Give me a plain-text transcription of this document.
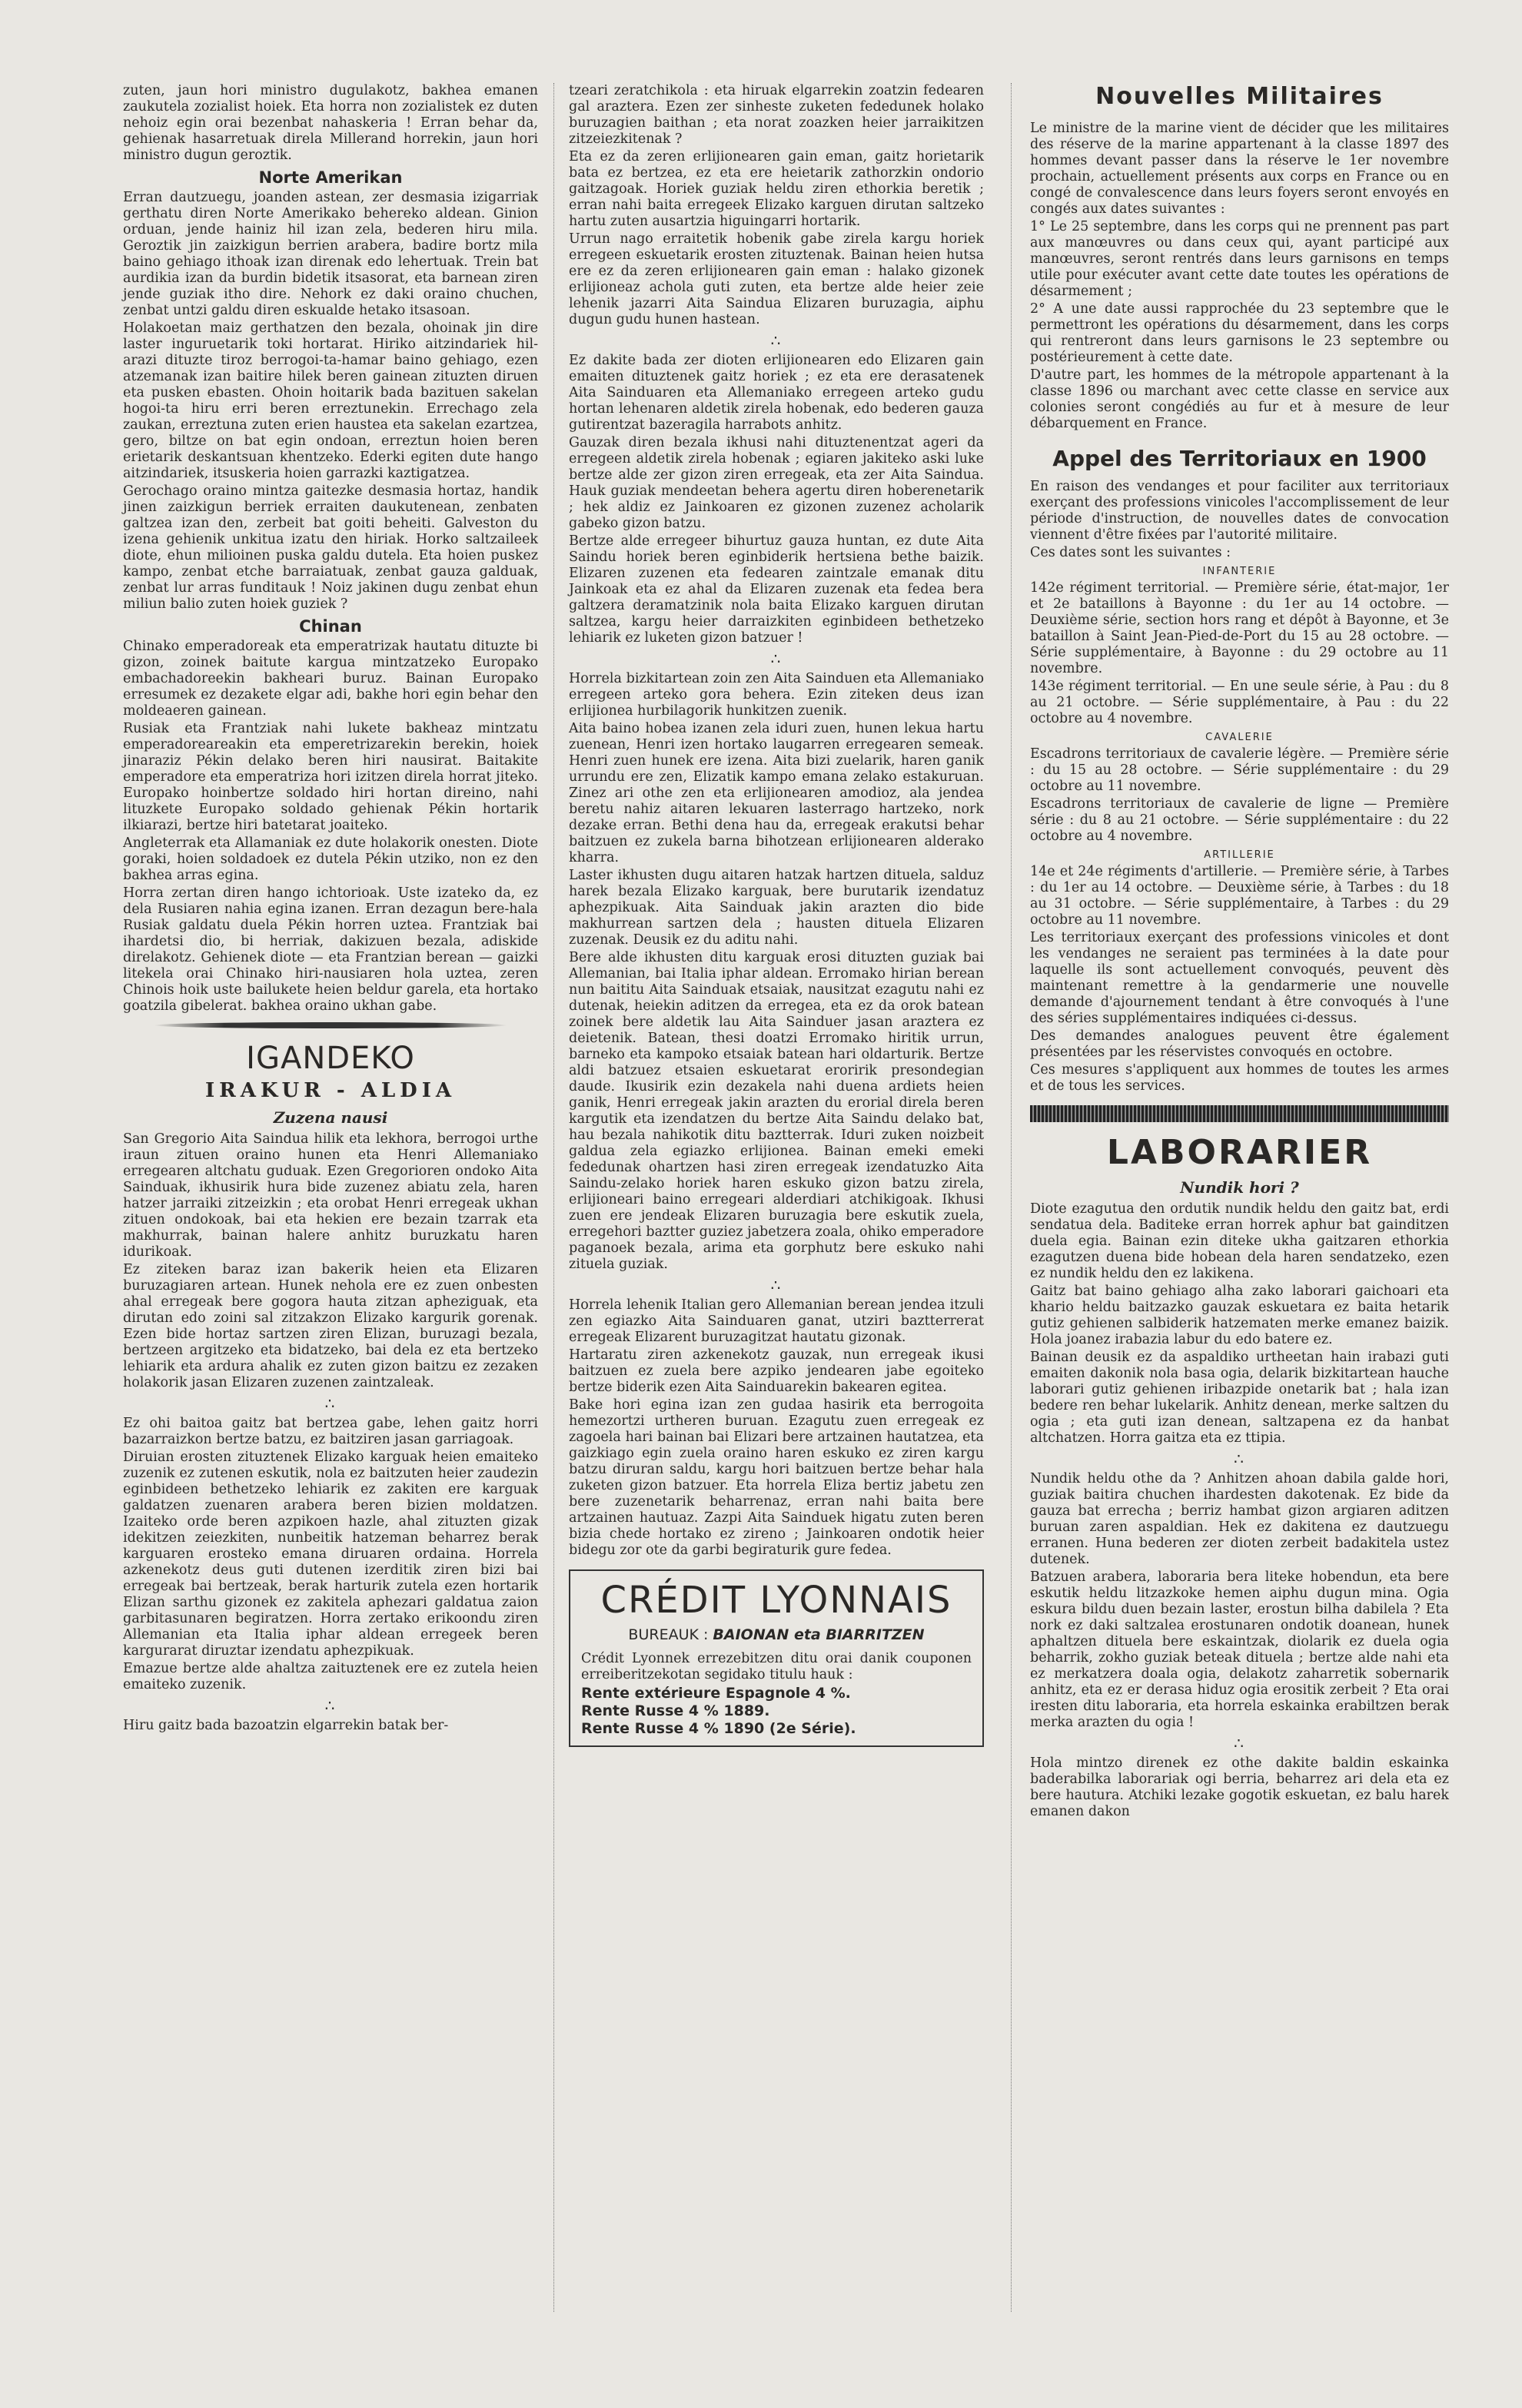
zuten, jaun hori ministro dugulakotz, bakhea emanen zaukutela zozialist hoiek. Eta horra non zozialistek ez duten nehoiz egin orai bezenbat nahaskeria ! Erran behar da, gehienak hasarretuak direla Millerand horrekin, jaun hori ministro dugun geroztik.

Norte Amerikan

Erran dautzuegu, joanden astean, zer desmasia izigarriak gerthatu diren Norte Amerikako behereko aldean. Ginion orduan, jende hainiz hil izan zela, bederen hiru mila. Geroztik jin zaizkigun berrien arabera, badire bortz mila baino gehiago ithoak izan direnak edo lehertuak. Trein bat aurdikia izan da burdin bidetik itsasorat, eta barnean ziren jende guziak itho dire. Nehork ez daki oraino chuchen, zenbat untzi galdu diren eskualde hetako itsasoan.

Holakoetan maiz gerthatzen den bezala, ohoinak jin dire laster inguruetarik toki hortarat. Hiriko aitzindariek hil-arazi dituzte tiroz berrogoi-ta-hamar baino gehiago, ezen atzemanak izan baitire hilek beren gainean zituzten diruen eta pusken ebasten. Ohoin hoitarik bada bazituen sakelan hogoi-ta hiru erri beren erreztunekin. Errechago zela zaukan, erreztuna zuten erien haustea eta sakelan ezartzea, gero, biltze on bat egin ondoan, erreztun hoien beren erietarik deskantsuan khentzeko. Ederki egiten dute hango aitzindariek, itsuskeria hoien garrazki kaztigatzea.

Gerochago oraino mintza gaitezke desmasia hortaz, handik jinen zaizkigun berriek erraiten daukutenean, zenbaten galtzea izan den, zerbeit bat goiti beheiti. Galveston du izena gehienik unkitua izatu den hiriak. Horko saltzaileek diote, ehun milioinen puska galdu dutela. Eta hoien puskez kampo, zenbat etche barraiatuak, zenbat gauza galduak, zenbat lur arras funditauk ! Noiz jakinen dugu zenbat ehun miliun balio zuten hoiek guziek ?

Chinan

Chinako emperadoreak eta emperatrizak hautatu dituzte bi gizon, zoinek baitute kargua mintzatzeko Europako embachadoreekin bakheari buruz. Bainan Europako erresumek ez dezakete elgar adi, bakhe hori egin behar den moldeaeren gainean.

Rusiak eta Frantziak nahi lukete bakheaz mintzatu emperadoreareakin eta emperetrizarekin berekin, hoiek jinaraziz Pékin delako beren hiri nausirat. Baitakite emperadore eta emperatriza hori izitzen direla horrat jiteko. Europako hoinbertze soldado hiri hortan direino, nahi lituzkete Europako soldado gehienak Pékin hortarik ilkiarazi, bertze hiri batetarat joaiteko.

Angleterrak eta Allamaniak ez dute holakorik onesten. Diote goraki, hoien soldadoek ez dutela Pékin utziko, non ez den bakhea arras egina.

Horra zertan diren hango ichtorioak. Uste izateko da, ez dela Rusiaren nahia egina izanen. Erran dezagun bere-hala Rusiak galdatu duela Pékin horren uztea. Frantziak bai ihardetsi dio, bi herriak, dakizuen bezala, adiskide direlakotz. Gehienek diote — eta Frantzian berean — gaizki litekela orai Chinako hiri-nausiaren hola uztea, zeren Chinois hoik uste bailukete heien beldur garela, eta hortako goatzila gibelerat. bakhea oraino ukhan gabe.

IGANDEKO
IRAKUR - ALDIA
Zuzena nausi

San Gregorio Aita Saindua hilik eta lekhora, berrogoi urthe iraun zituen oraino hunen eta Henri Allemaniako erregearen altchatu guduak. Ezen Gregorioren ondoko Aita Sainduak, ikhusirik hura bide zuzenez abiatu zela, haren hatzer jarraiki zitzeizkin ; eta orobat Henri erregeak ukhan zituen ondokoak, bai eta hekien ere bezain tzarrak eta makhurrak, bainan halere anhitz buruzkatu haren idurikoak.

Ez ziteken baraz izan bakerik heien eta Elizaren buruzagiaren artean. Hunek nehola ere ez zuen onbesten ahal erregeak bere gogora hauta zitzan apheziguak, eta dirutan edo zoini sal zitzakzon Elizako kargurik gorenak. Ezen bide hortaz sartzen ziren Elizan, buruzagi bezala, bertzeen argitzeko eta bidatzeko, bai dela ez eta bertzeko lehiarik eta ardura ahalik ez zuten gizon baitzu ez zezaken holakorik jasan Elizaren zuzenen zaintzaleak.

∴

Ez ohi baitoa gaitz bat bertzea gabe, lehen gaitz horri bazarraizkon bertze batzu, ez baitziren jasan garriagoak.

Diruian erosten zituztenek Elizako karguak heien emaiteko zuzenik ez zutenen eskutik, nola ez baitzuten heier zaudezin eginbideen bethetzeko lehiarik ez zakiten ere karguak galdatzen zuenaren arabera beren bizien moldatzen. Izaiteko orde beren azpikoen hazle, ahal zituzten gizak idekitzen zeiezkiten, nunbeitik hatzeman beharrez berak karguaren erosteko emana diruaren ordaina. Horrela azkenekotz deus guti dutenen izerditik ziren bizi bai erregeak bai bertzeak, berak harturik zutela ezen hortarik Elizan sarthu gizonek ez zakitela aphezari galdatua zaion garbitasunaren begiratzen. Horra zertako erikoondu ziren Allemanian eta Italia iphar aldean erregeek beren kargurarat diruztar izendatu aphezpikuak.

Emazue bertze alde ahaltza zaituztenek ere ez zutela heien emaiteko zuzenik.

∴

Hiru gaitz bada bazoatzin elgarrekin batak ber-

tzeari zeratchikola : eta hiruak elgarrekin zoatzin fedearen gal araztera. Ezen zer sinheste zuketen fededunek holako buruzagien baithan ; eta norat zoazken heier jarraikitzen zitzeiezkitenak ?

Eta ez da zeren erlijionearen gain eman, gaitz horietarik bata ez bertzea, ez eta ere heietarik zathorzkin ondorio gaitzagoak. Horiek guziak heldu ziren ethorkia beretik ; erran nahi baita erregeek Elizako karguen dirutan saltzeko hartu zuten ausartzia higuingarri hortarik.

Urrun nago erraitetik hobenik gabe zirela kargu horiek erregeen eskuetarik erosten zituztenak. Bainan heien hutsa ere ez da zeren erlijionearen gain eman : halako gizonek erlijioneaz achola guti zuten, eta bertze alde heier zeie lehenik jazarri Aita Saindua Elizaren buruzagia, aiphu dugun gudu hunen hastean.

∴

Ez dakite bada zer dioten erlijionearen edo Elizaren gain emaiten dituztenek gaitz horiek ; ez eta ere derasatenek Aita Sainduaren eta Allemaniako erregeen arteko gudu hortan lehenaren aldetik zirela hobenak, edo bederen gauza gutirentzat bazeragila harrabots anhitz.

Gauzak diren bezala ikhusi nahi dituztenentzat ageri da erregeen aldetik zirela hobenak ; egiaren jakiteko aski luke bertze alde zer gizon ziren erregeak, eta zer Aita Saindua. Hauk guziak mendeetan behera agertu diren hoberenetarik ; hek aldiz ez Jainkoaren ez gizonen zuzenez acholarik gabeko gizon batzu.

Bertze alde erregeer bihurtuz gauza huntan, ez dute Aita Saindu horiek beren eginbiderik hertsiena bethe baizik. Elizaren zuzenen eta fedearen zaintzale emanak ditu Jainkoak eta ez ahal da Elizaren zuzenak eta fedea bera galtzera deramatzinik nola baita Elizako karguen dirutan saltzea, kargu heier darraizkiten eginbideen bethetzeko lehiarik ez luketen gizon batzuer !

∴

Horrela bizkitartean zoin zen Aita Sainduen eta Allemaniako erregeen arteko gora behera. Ezin ziteken deus izan erlijionea hurbilagorik hunkitzen zuenik.

Aita baino hobea izanen zela iduri zuen, hunen lekua hartu zuenean, Henri izen hortako laugarren erregearen semeak. Henri zuen hunek ere izena. Aita bizi zuelarik, haren ganik urrundu ere zen, Elizatik kampo emana zelako estakuruan. Zinez ari othe zen eta erlijionearen amodioz, ala jendea beretu nahiz aitaren lekuaren lasterrago hartzeko, nork dezake erran. Bethi dena hau da, erregeak erakutsi behar baitzuen ez zukela barna bihotzean erlijionearen alderako kharra.

Laster ikhusten dugu aitaren hatzak hartzen dituela, salduz harek bezala Elizako karguak, bere burutarik izendatuz aphezpikuak. Aita Sainduak jakin arazten dio bide makhurrean sartzen dela ; hausten dituela Elizaren zuzenak. Deusik ez du aditu nahi.

Bere alde ikhusten ditu karguak erosi dituzten guziak bai Allemanian, bai Italia iphar aldean. Erromako hirian berean nun baititu Aita Sainduak etsaiak, nausitzat ezagutu nahi ez dutenak, heiekin aditzen da erregea, eta ez da orok batean zoinek bere aldetik lau Aita Sainduer jasan araztera ez deietenik. Batean, thesi doatzi Erromako hiritik urrun, barneko eta kampoko etsaiak batean hari oldarturik. Bertze aldi batzuez etsaien eskuetarat eroririk presondegian daude. Ikusirik ezin dezakela nahi duena ardiets heien ganik, Henri erregeak jakin arazten du erorial direla beren kargutik eta izendatzen du bertze Aita Saindu delako bat, hau bezala nahikotik ditu baztterrak. Iduri zuken noizbeit galdua zela egiazko erlijionea. Bainan emeki emeki fededunak ohartzen hasi ziren erregeak izendatuzko Aita Saindu-zelako horiek haren eskuko gizon batzu zirela, erlijioneari baino erregeari alderdiari atchikigoak. Ikhusi zuen ere jendeak Elizaren buruzagia bere eskutik zuela, erregehori baztter guziez jabetzera zoala, ohiko emperadore paganoek bezala, arima eta gorphutz bere eskuko nahi zituela guziak.

∴

Horrela lehenik Italian gero Allemanian berean jendea itzuli zen egiazko Aita Sainduaren ganat, utziri baztterrerat erregeak Elizarent buruzagitzat hautatu gizonak.

Hartaratu ziren azkenekotz gauzak, nun erregeak ikusi baitzuen ez zuela bere azpiko jendearen jabe egoiteko bertze biderik ezen Aita Sainduarekin bakearen egitea.

Bake hori egina izan zen gudaa hasirik eta berrogoita hemezortzi urtheren buruan. Ezagutu zuen erregeak ez zagoela hari bainan bai Elizari bere artzainen hautatzea, eta gaizkiago egin zuela oraino haren eskuko ez ziren kargu batzu diruran saldu, kargu hori baitzuen bertze behar hala zuketen gizon batzuer. Eta horrela Eliza bertiz jabetu zen bere zuzenetarik beharrenaz, erran nahi baita bere artzainen hautuaz. Zazpi Aita Sainduek higatu zuten beren bizia chede hortako ez zireno ; Jainkoaren ondotik heier bidegu zor ote da garbi begiraturik gure fedea.

CRÉDIT LYONNAIS
BUREAUK : BAIONAN eta BIARRITZEN

Crédit Lyonnek errezebitzen ditu orai danik couponen erreiberitzekotan segidako titulu hauk :

Rente extérieure Espagnole 4 %.

Rente Russe 4 % 1889.

Rente Russe 4 % 1890 (2e Série).

Nouvelles Militaires

Le ministre de la marine vient de décider que les militaires des réserve de la marine appartenant à la classe 1897 des hommes devant passer dans la réserve le 1er novembre prochain, actuellement présents aux corps en France ou en congé de convalescence dans leurs foyers seront envoyés en congés aux dates suivantes :

1° Le 25 septembre, dans les corps qui ne prennent pas part aux manœuvres ou dans ceux qui, ayant participé aux manœuvres, seront rentrés dans leurs garnisons en temps utile pour exécuter avant cette date toutes les opérations de désarmement ;

2° A une date aussi rapprochée du 23 septembre que le permettront les opérations du désarmement, dans les corps qui rentreront dans leurs garnisons le 23 septembre ou postérieurement à cette date.

D'autre part, les hommes de la métropole appartenant à la classe 1896 ou marchant avec cette classe en service aux colonies seront congédiés au fur et à mesure de leur débarquement en France.

Appel des Territoriaux en 1900

En raison des vendanges et pour faciliter aux territoriaux exerçant des professions vinicoles l'accomplissement de leur période d'instruction, de nouvelles dates de convocation viennent d'être fixées par l'autorité militaire.

Ces dates sont les suivantes :

INFANTERIE

142e régiment territorial. — Première série, état-major, 1er et 2e bataillons à Bayonne : du 1er au 14 octobre. — Deuxième série, section hors rang et dépôt à Bayonne, et 3e bataillon à Saint Jean-Pied-de-Port du 15 au 28 octobre. — Série supplémentaire, à Bayonne : du 29 octobre au 11 novembre.

143e régiment territorial. — En une seule série, à Pau : du 8 au 21 octobre. — Série supplémentaire, à Pau : du 22 octobre au 4 novembre.

CAVALERIE

Escadrons territoriaux de cavalerie légère. — Première série : du 15 au 28 octobre. — Série supplémentaire : du 29 octobre au 11 novembre.

Escadrons territoriaux de cavalerie de ligne — Première série : du 8 au 21 octobre. — Série supplémentaire : du 22 octobre au 4 novembre.

ARTILLERIE

14e et 24e régiments d'artillerie. — Première série, à Tarbes : du 1er au 14 octobre. — Deuxième série, à Tarbes : du 18 au 31 octobre. — Série supplémentaire, à Tarbes : du 29 octobre au 11 novembre.

Les territoriaux exerçant des professions vinicoles et dont les vendanges ne seraient pas terminées à la date pour laquelle ils sont actuellement convoqués, peuvent dès maintenant remettre à la gendarmerie une nouvelle demande d'ajournement tendant à être convoqués à l'une des séries supplémentaires indiquées ci-dessus.

Des demandes analogues peuvent être également présentées par les réservistes convoqués en octobre.

Ces mesures s'appliquent aux hommes de toutes les armes et de tous les services.

LABORARIER
Nundik hori ?

Diote ezagutua den ordutik nundik heldu den gaitz bat, erdi sendatua dela. Baditeke erran horrek aphur bat gainditzen duela egia. Bainan ezin diteke ukha gaitzaren ethorkia ezagutzen duena bide hobean dela haren sendatzeko, ezen ez nundik heldu den ez lakikena.

Gaitz bat baino gehiago alha zako laborari gaichoari eta khario heldu baitzazko gauzak eskuetara ez baita hetarik gutiz gehienen salbiderik hatzematen merke emanez baizik. Hola joanez irabazia labur du edo batere ez.

Bainan deusik ez da aspaldiko urtheetan hain irabazi guti emaiten dakonik nola basa ogia, delarik bizkitartean hauche laborari gutiz gehienen iribazpide onetarik bat ; hala izan bedere ren behar lukelarik. Anhitz denean, merke saltzen du ogia ; eta guti izan denean, saltzapena ez da hanbat altchatzen. Horra gaitza eta ez ttipia.

∴

Nundik heldu othe da ? Anhitzen ahoan dabila galde hori, guziak baitira chuchen ihardesten dakotenak. Ez bide da gauza bat errecha ; berriz hambat gizon argiaren aditzen buruan zaren aspaldian. Hek ez dakitena ez dautzuegu erranen. Huna bederen zer dioten zerbeit badakitela ustez dutenek.

Batzuen arabera, laboraria bera liteke hobendun, eta bere eskutik heldu litzazkoke hemen aiphu dugun mina. Ogia eskura bildu duen bezain laster, erostun bilha dabilela ? Eta nork ez daki saltzalea erostunaren ondotik doanean, hunek aphaltzen dituela bere eskaintzak, diolarik ez duela ogia beharrik, zokho guziak beteak dituela ; bertze alde nahi eta ez merkatzera doala ogia, delakotz zaharretik sobernarik anhitz, eta ez er derasa hiduz ogia erositik zerbeit ? Eta orai iresten ditu laboraria, eta horrela eskainka erabiltzen berak merka arazten du ogia !

∴

Hola mintzo direnek ez othe dakite baldin eskainka baderabilka laborariak ogi berria, beharrez ari dela eta ez bere hautura. Atchiki lezake gogotik eskuetan, ez balu harek emanen dakon
